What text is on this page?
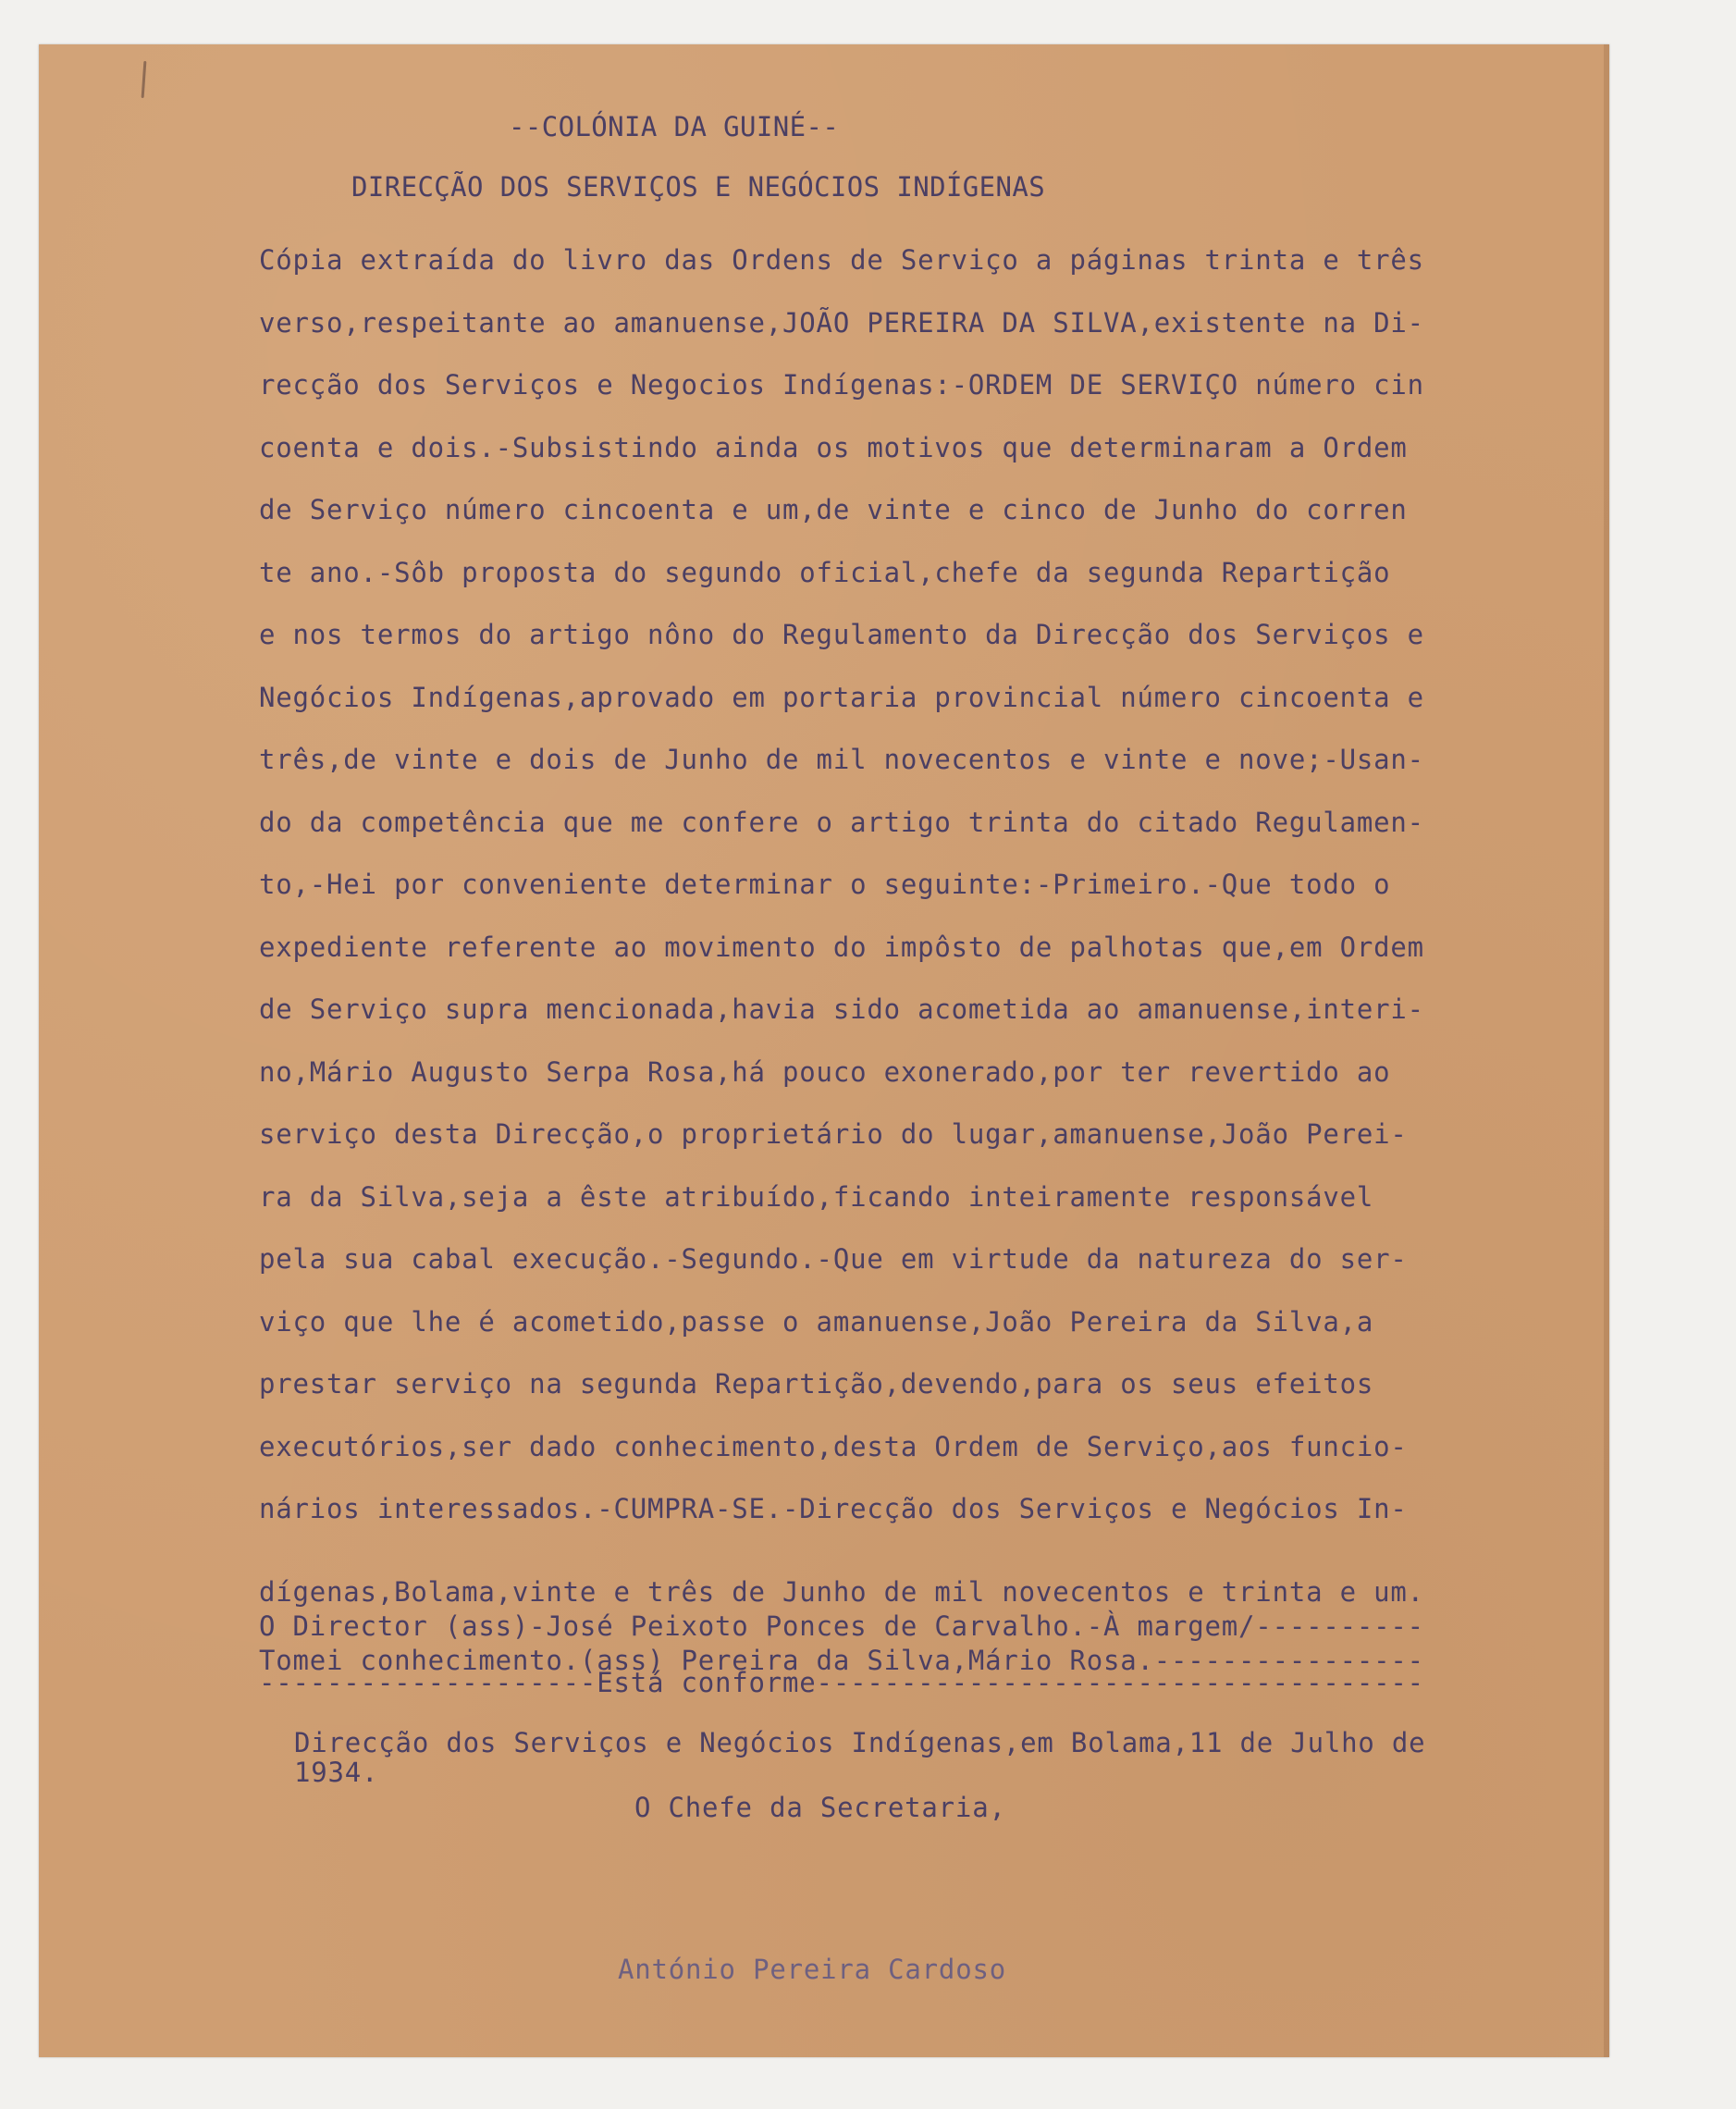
--COLÓNIA DA GUINÉ--

DIRECÇÃO DOS SERVIÇOS E NEGÓCIOS INDÍGENAS

Cópia extraída do livro das Ordens de Serviço a páginas trinta e três
verso,respeitante ao amanuense,JOÃO PEREIRA DA SILVA,existente na Di-
recção dos Serviços e Negocios Indígenas:-ORDEM DE SERVIÇO número cin
coenta e dois.-Subsistindo ainda os motivos que determinaram a Ordem
de Serviço número cincoenta e um,de vinte e cinco de Junho do corren
te ano.-Sôb proposta do segundo oficial,chefe da segunda Repartição
e nos termos do artigo nôno do Regulamento da Direcção dos Serviços e
Negócios Indígenas,aprovado em portaria provincial número cincoenta e
três,de vinte e dois de Junho de mil novecentos e vinte e nove;-Usan-
do da competência que me confere o artigo trinta do citado Regulamen-
to,-Hei por conveniente determinar o seguinte:-Primeiro.-Que todo o
expediente referente ao movimento do impôsto de palhotas que,em Ordem
de Serviço supra mencionada,havia sido acometida ao amanuense,interi-
no,Mário Augusto Serpa Rosa,há pouco exonerado,por ter revertido ao
serviço desta Direcção,o proprietário do lugar,amanuense,João Perei-
ra da Silva,seja a êste atribuído,ficando inteiramente responsável
pela sua cabal execução.-Segundo.-Que em virtude da natureza do ser-
viço que lhe é acometido,passe o amanuense,João Pereira da Silva,a
prestar serviço na segunda Repartição,devendo,para os seus efeitos
executórios,ser dado conhecimento,desta Ordem de Serviço,aos funcio-
nários interessados.-CUMPRA-SE.-Direcção dos Serviços e Negócios In-
dígenas,Bolama,vinte e três de Junho de mil novecentos e trinta e um.
O Director (ass)-José Peixoto Ponces de Carvalho.-À margem/----------
Tomei conhecimento.(ass) Pereira da Silva,Mário Rosa.----------------

--------------------Está conforme------------------------------------

Direcção dos Serviços e Negócios Indígenas,em Bolama,11 de Julho de
1934.

O Chefe da Secretaria,

António Pereira Cardoso
